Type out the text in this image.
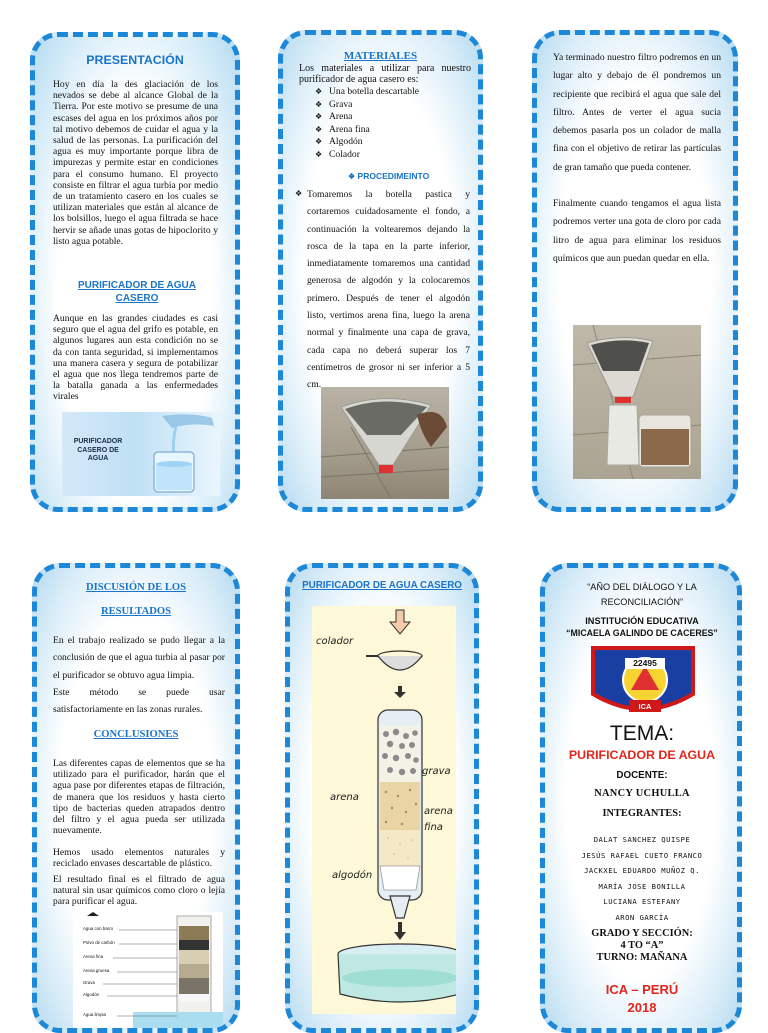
PRESENTACIÓN
Hoy en día la des glaciación de los nevados se debe al alcance Global de la Tierra. Por este motivo se presume de una escases del agua en los próximos años por tal motivo debemos de cuidar el agua y la salud de las personas. La purificación del agua es muy importante porque libra de impurezas y permite estar en condiciones para el consumo humano. El proyecto consiste en filtrar el agua turbia por medio de un tratamiento casero en los cuales se utilizan materiales que están al alcance de los bolsillos, luego el agua filtrada se hace hervir se añade unas gotas de hipoclorito y listo agua potable.
PURIFICADOR DE AGUA CASERO
Aunque en las grandes ciudades es casi seguro que el agua del grifo es potable, en algunos lugares aun esta condición no se da con tanta seguridad, si implementamos una manera casera y segura de potabilizar el agua que nos llega tendremos parte de la batalla ganada a las enfermedades virales
PURIFICADOR CASERO DE AGUA
MATERIALES
Los materiales a utilizar para nuestro purificador de agua casero es:
❖ Una botella descartable
❖ Grava
❖ Arena
❖ Arena fina
❖ Algodón
❖ Colador
❖ PROCEDIMEINTO
❖ Tomaremos la botella pastica y cortaremos cuidadosamente el fondo, a continuación la voltearemos dejando la rosca de la tapa en la parte inferior, inmediatamente tomaremos una cantidad generosa de algodón y la colocaremos primero. Después de tener el algodón listo, vertimos arena fina, luego la arena normal y finalmente una capa de grava, cada capa no deberá superar los 7 centímetros de grosor ni ser inferior a 5 cm.
Ya terminado nuestro filtro podremos en un lugar alto y debajo de él pondremos un recipiente que recibirá el agua que sale del filtro. Antes de verter el agua sucia debemos pasarla pos un colador de malla fina con el objetivo de retirar las partículas de gran tamaño que pueda contener.
Finalmente cuando tengamos el agua lista podremos verter una gota de cloro por cada litro de agua para eliminar los residuos químicos que aun puedan quedar en ella.
DISCUSIÓN DE LOS
RESULTADOS
En el trabajo realizado se pudo llegar a la conclusión de que el agua turbia al pasar por el purificador se obtuvo agua limpia.
Este método se puede usar satisfactoriamente en las zonas rurales.
CONCLUSIONES
Las diferentes capas de elementos que se ha utilizado para el purificador, harán que el agua pase por diferentes etapas de filtración, de manera que los residuos y hasta cierto tipo de bacterias queden atrapados dentro del filtro y el agua pueda ser utilizada nuevamente.
Hemos usado elementos naturales y reciclado envases descartable de plástico.
El resultado final es el filtrado de agua natural sin usar químicos como cloro o lejía para purificar el agua.
Agua con barro
Polvo de carbón
Arena fina
Arena gruesa
Grava
Algodón
Agua limpia
PURIFICADOR DE AGUA CASERO
colador
grava
arena
arena
fina
algodón
“AÑO DEL DIÁLOGO Y LA RECONCILIACIÓN”
INSTITUCIÓN EDUCATIVA
“MICAELA GALINDO DE CACERES”
22495
ICA
TEMA:
PURIFICADOR DE AGUA
DOCENTE:
NANCY UCHULLA
INTEGRANTES:
DALAT SANCHEZ QUISPE
JESÚS RAFAEL CUETO FRANCO
JACKXEL EDUARDO MUÑOZ Q.
MARÍA JOSE BONILLA
LUCIANA ESTEFANY
ARON GARCÍA
GRADO Y SECCIÓN:
4 TO “A”
TURNO: MAÑANA
ICA – PERÚ
2018
